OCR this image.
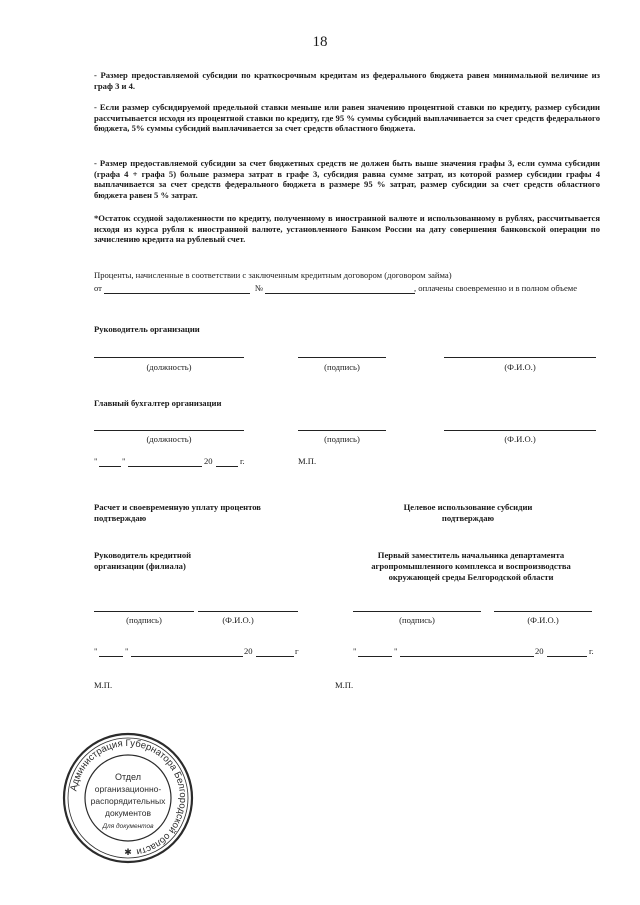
18
- Размер предоставляемой субсидии по краткосрочным кредитам из федерального бюджета равен минимальной величине из граф 3 и 4.
- Если размер субсидируемой предельной ставки меньше или равен значению процентной ставки по кредиту, размер субсидии рассчитывается исходя из процентной ставки по кредиту, где 95 % суммы субсидий выплачивается за счет средств федерального бюджета, 5% суммы субсидий выплачивается за счет средств областного бюджета.
- Размер предоставляемой субсидии за счет бюджетных средств не должен быть выше значения графы 3, если сумма субсидии (графа 4 + графа 5) больше размера затрат в графе 3, субсидия равна сумме затрат, из которой размер субсидии графы 4 выплачивается за счет средств федерального бюджета в размере 95 % затрат, размер субсидии за счет средств областного бюджета равен 5 % затрат.
*Остаток ссудной задолженности по кредиту, полученному в иностранной валюте и использованному в рублях, рассчитывается исходя из курса рубля к иностранной валюте, установленного Банком России на дату совершения банковской операции по зачислению кредита на рублевый счет.
Проценты, начисленные в соответствии с заключенным кредитным договором (договором займа)
от	№	, оплачены своевременно и в полном объеме
Руководитель организации
(должность)	(подпись)	(Ф.И.О.)
Главный бухгалтер организации
(должность)	(подпись)	(Ф.И.О.)
"	"	20	г.	М.П.
Расчет и своевременную уплату процентов подтверждаю
Руководитель кредитной организации (филиала)
(подпись)	(Ф.И.О.)
"	"	20	г
М.П.
Целевое использование субсидии подтверждаю
Первый заместитель начальника департамента агропромышленного комплекса и воспроизводства окружающей среды Белгородской области
(подпись)	(Ф.И.О.)
"	"	20	г.
М.П.
Администрация Губернатора Белгородской области
Отдел
организационно-
распорядительных
документов
Для документов
✱
